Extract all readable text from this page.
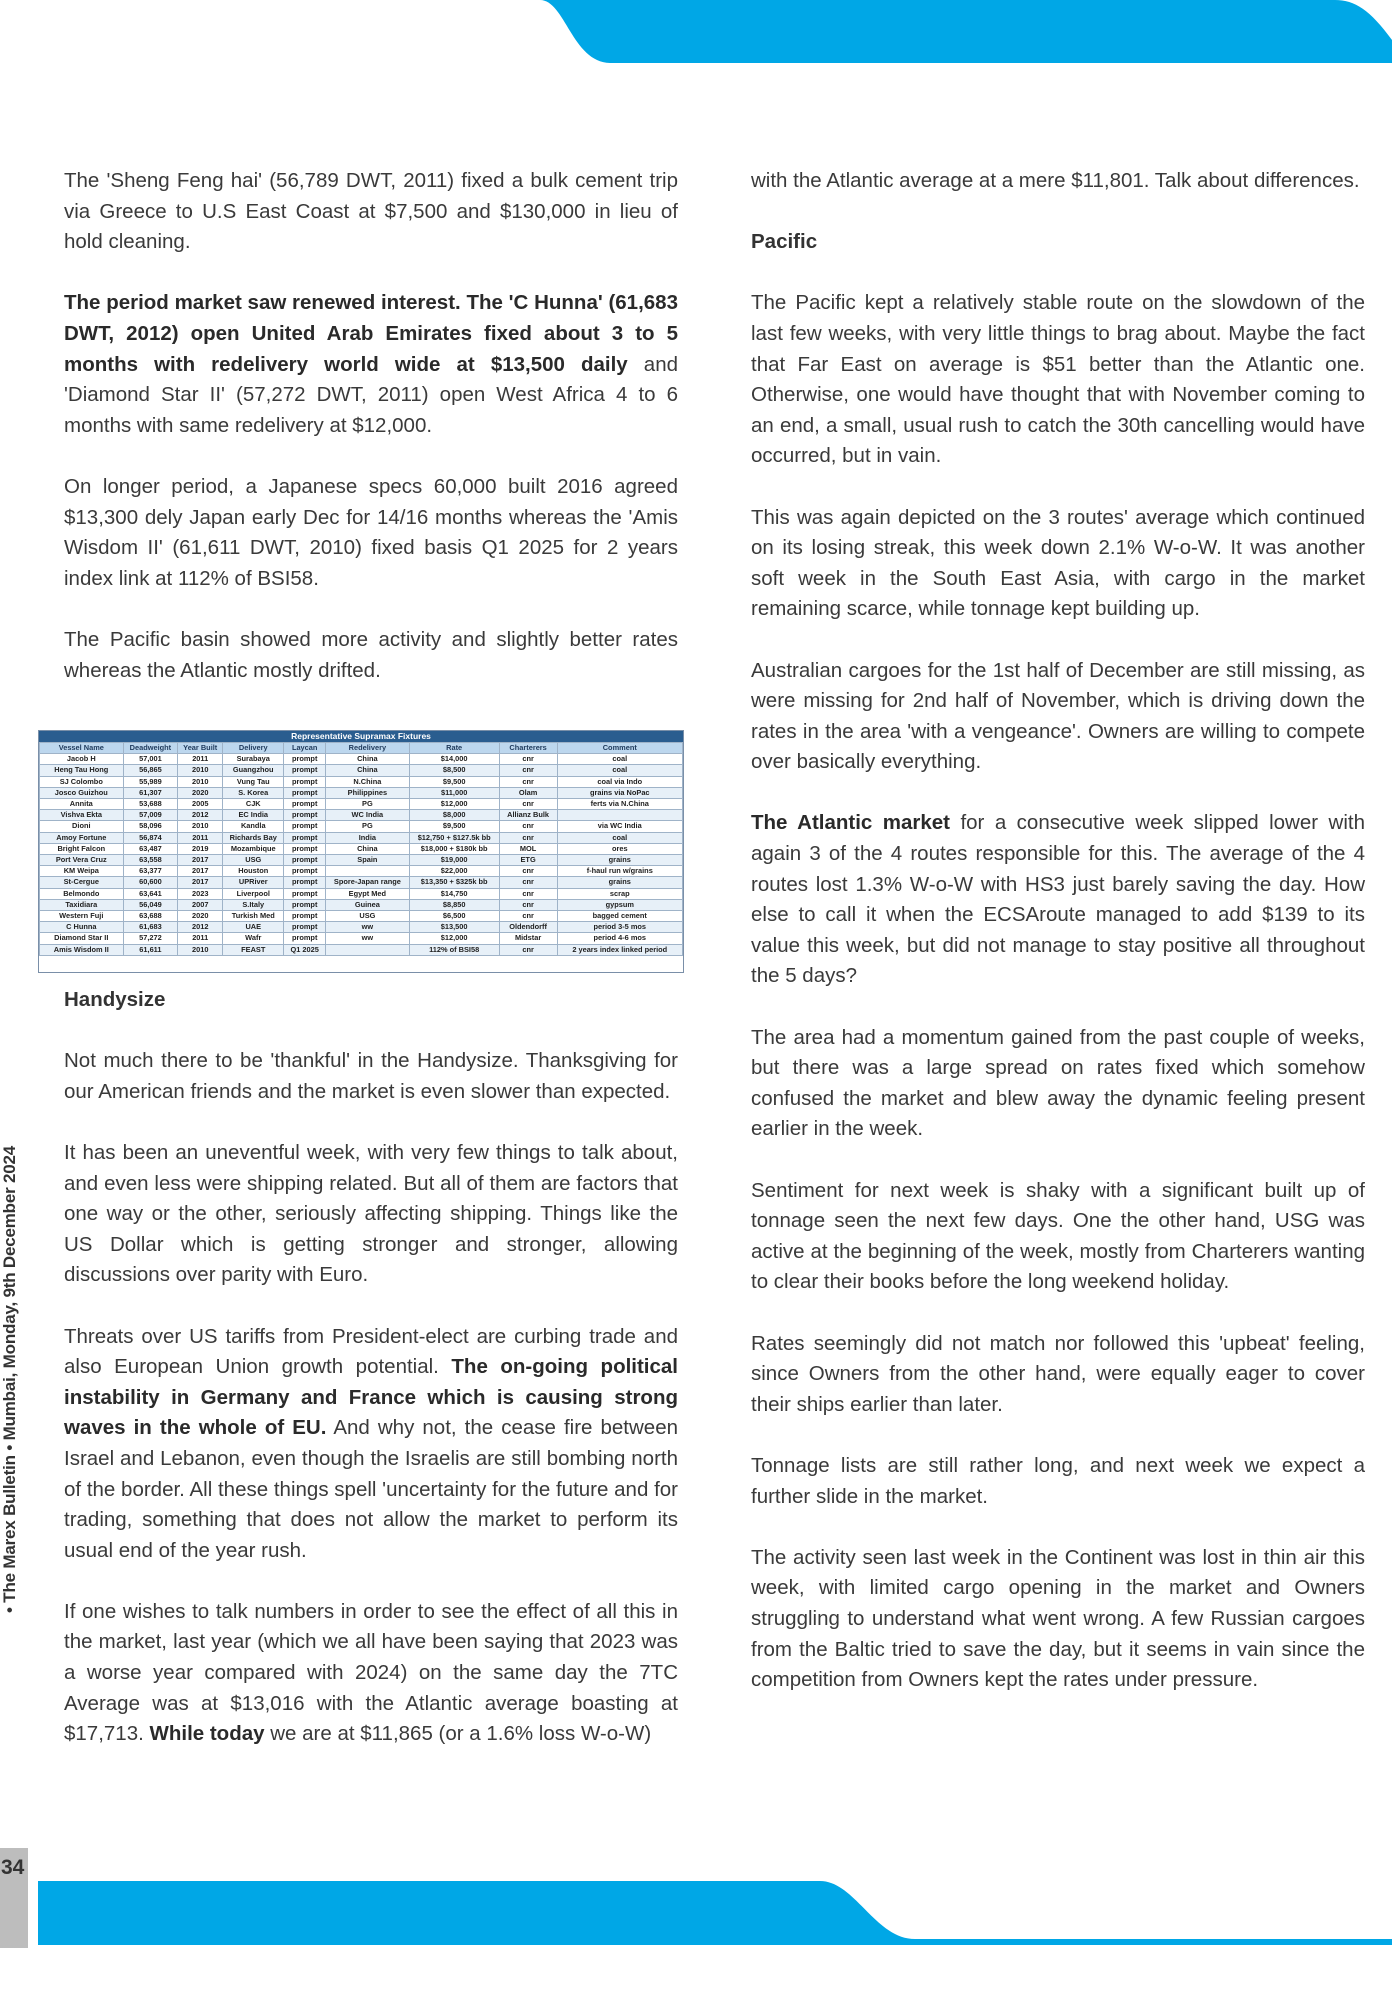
The 'Sheng Feng hai' (56,789 DWT, 2011) fixed a bulk cement trip via Greece to U.S East Coast at $7,500 and $130,000 in lieu of hold cleaning.

The period market saw renewed interest. The 'C Hunna' (61,683 DWT, 2012) open United Arab Emirates fixed about 3 to 5 months with redelivery world wide at $13,500 daily and 'Diamond Star II' (57,272 DWT, 2011) open West Africa 4 to 6 months with same redelivery at $12,000.

On longer period, a Japanese specs 60,000 built 2016 agreed $13,300 dely Japan early Dec for 14/16 months whereas the 'Amis Wisdom II' (61,611 DWT, 2010) fixed basis Q1 2025 for 2 years index link at 112% of BSI58.

The Pacific basin showed more activity and slightly better rates whereas the Atlantic mostly drifted.

Representative Supramax Fixtures
Vessel Name	Deadweight	Year Built	Delivery	Laycan	Redelivery	Rate	Charterers	Comment
Jacob H	57,001	2011	Surabaya	prompt	China	$14,000	cnr	coal
Heng Tau Hong	56,865	2010	Guangzhou	prompt	China	$8,500	cnr	coal
SJ Colombo	55,989	2010	Vung Tau	prompt	N.China	$9,500	cnr	coal via Indo
Josco Guizhou	61,307	2020	S. Korea	prompt	Philippines	$11,000	Olam	grains via NoPac
Annita	53,688	2005	CJK	prompt	PG	$12,000	cnr	ferts via N.China
Vishva Ekta	57,009	2012	EC India	prompt	WC India	$8,000	Allianz Bulk	
Dioni	58,096	2010	Kandla	prompt	PG	$9,500	cnr	via WC India
Amoy Fortune	56,874	2011	Richards Bay	prompt	India	$12,750 + $127.5k bb	cnr	coal
Bright Falcon	63,487	2019	Mozambique	prompt	China	$18,000 + $180k bb	MOL	ores
Port Vera Cruz	63,558	2017	USG	prompt	Spain	$19,000	ETG	grains
KM Weipa	63,377	2017	Houston	prompt		$22,000	cnr	f-haul run w/grains
St-Cergue	60,600	2017	UPRiver	prompt	Spore-Japan range	$13,350 + $325k bb	cnr	grains
Belmondo	63,641	2023	Liverpool	prompt	Egypt Med	$14,750	cnr	scrap
Taxidiara	56,049	2007	S.Italy	prompt	Guinea	$8,850	cnr	gypsum
Western Fuji	63,688	2020	Turkish Med	prompt	USG	$6,500	cnr	bagged cement
C Hunna	61,683	2012	UAE	prompt	ww	$13,500	Oldendorff	period 3-5 mos
Diamond Star II	57,272	2011	Wafr	prompt	ww	$12,000	Midstar	period 4-6 mos
Amis Wisdom II	61,611	2010	FEAST	Q1 2025		112% of BSI58	cnr	2 years index linked period
Handysize

Not much there to be 'thankful' in the Handysize. Thanksgiving for our American friends and the market is even slower than expected.

It has been an uneventful week, with very few things to talk about, and even less were shipping related. But all of them are factors that one way or the other, seriously affecting shipping. Things like the US Dollar which is getting stronger and stronger, allowing discussions over parity with Euro.

Threats over US tariffs from President-elect are curbing trade and also European Union growth potential. The on-going political instability in Germany and France which is causing strong waves in the whole of EU. And why not, the cease fire between Israel and Lebanon, even though the Israelis are still bombing north of the border. All these things spell 'uncertainty for the future and for trading, something that does not allow the market to perform its usual end of the year rush.

If one wishes to talk numbers in order to see the effect of all this in the market, last year (which we all have been saying that 2023 was a worse year compared with 2024) on the same day the 7TC Average was at $13,016 with the Atlantic average boasting at $17,713. While today we are at $11,865 (or a 1.6% loss W-o-W)

with the Atlantic average at a mere $11,801. Talk about differences.

Pacific

The Pacific kept a relatively stable route on the slowdown of the last few weeks, with very little things to brag about. Maybe the fact that Far East on average is $51 better than the Atlantic one. Otherwise, one would have thought that with November coming to an end, a small, usual rush to catch the 30th cancelling would have occurred, but in vain.

This was again depicted on the 3 routes' average which continued on its losing streak, this week down 2.1% W-o-W. It was another soft week in the South East Asia, with cargo in the market remaining scarce, while tonnage kept building up.

Australian cargoes for the 1st half of December are still missing, as were missing for 2nd half of November, which is driving down the rates in the area 'with a vengeance'. Owners are willing to compete over basically everything.

The Atlantic market for a consecutive week slipped lower with again 3 of the 4 routes responsible for this. The average of the 4 routes lost 1.3% W-o-W with HS3 just barely saving the day. How else to call it when the ECSAroute managed to add $139 to its value this week, but did not manage to stay positive all throughout the 5 days?

The area had a momentum gained from the past couple of weeks, but there was a large spread on rates fixed which somehow confused the market and blew away the dynamic feeling present earlier in the week.

Sentiment for next week is shaky with a significant built up of tonnage seen the next few days. One the other hand, USG was active at the beginning of the week, mostly from Charterers wanting to clear their books before the long weekend holiday.

Rates seemingly did not match nor followed this 'upbeat' feeling, since Owners from the other hand, were equally eager to cover their ships earlier than later.

Tonnage lists are still rather long, and next week we expect a further slide in the market.

The activity seen last week in the Continent was lost in thin air this week, with limited cargo opening in the market and Owners struggling to understand what went wrong. A few Russian cargoes from the Baltic tried to save the day, but it seems in vain since the competition from Owners kept the rates under pressure.

• The Marex Bulletin • Mumbai, Monday, 9th December 2024
34
